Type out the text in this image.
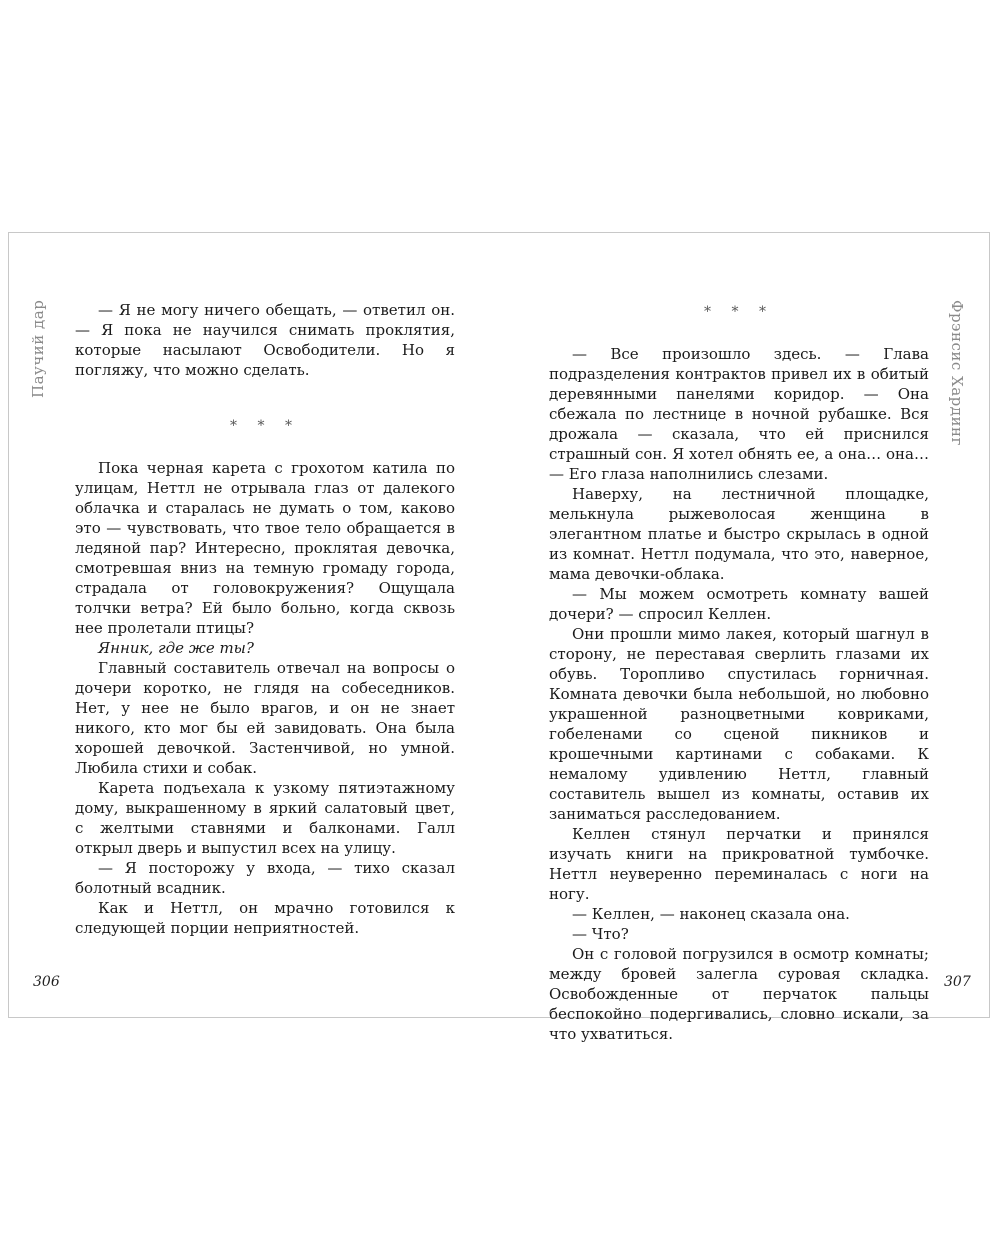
Паучий дар	Фрэнсис Хардинг

— Я не могу ничего обещать, — ответил он. — Я пока не научился снимать проклятия, которые насылают Освободители. Но я погляжу, что можно сделать.

* * *

Пока черная карета с грохотом катила по улицам, Неттл не отрывала глаз от далекого облачка и старалась не думать о том, каково это — чувствовать, что твое тело обращается в ледяной пар? Интересно, проклятая девочка, смотревшая вниз на темную громаду города, страдала от головокружения? Ощущала толчки ветра? Ей было больно, когда сквозь нее пролетали птицы?

Янник, где же ты?

Главный составитель отвечал на вопросы о дочери коротко, не глядя на собеседников. Нет, у нее не было врагов, и он не знает никого, кто мог бы ей завидовать. Она была хорошей девочкой. Застенчивой, но умной. Любила стихи и собак.

Карета подъехала к узкому пятиэтажному дому, выкрашенному в яркий салатовый цвет, с желтыми ставнями и балконами. Галл открыл дверь и выпустил всех на улицу.

— Я посторожу у входа, — тихо сказал болотный всадник.

Как и Неттл, он мрачно готовился к следующей порции неприятностей.

* * *

— Все произошло здесь. — Глава подразделения контрактов привел их в обитый деревянными панелями коридор. — Она сбежала по лестнице в ночной рубашке. Вся дрожала — сказала, что ей приснился страшный сон. Я хотел обнять ее, а она… она… — Его глаза наполнились слезами.

Наверху, на лестничной площадке, мелькнула рыжеволосая женщина в элегантном платье и быстро скрылась в одной из комнат. Неттл подумала, что это, наверное, мама девочки-облака.

— Мы можем осмотреть комнату вашей дочери? — спросил Келлен.

Они прошли мимо лакея, который шагнул в сторону, не переставая сверлить глазами их обувь. Торопливо спустилась горничная. Комната девочки была небольшой, но любовно украшенной разноцветными ковриками, гобеленами со сценой пикников и крошечными картинами с собаками. К немалому удивлению Неттл, главный составитель вышел из комнаты, оставив их заниматься расследованием.

Келлен стянул перчатки и принялся изучать книги на прикроватной тумбочке. Неттл неуверенно переминалась с ноги на ногу.

— Келлен, — наконец сказала она.

— Что?

Он с головой погрузился в осмотр комнаты; между бровей залегла суровая складка. Освобожденные от перчаток пальцы беспокойно подергивались, словно искали, за что ухватиться.

306	307
